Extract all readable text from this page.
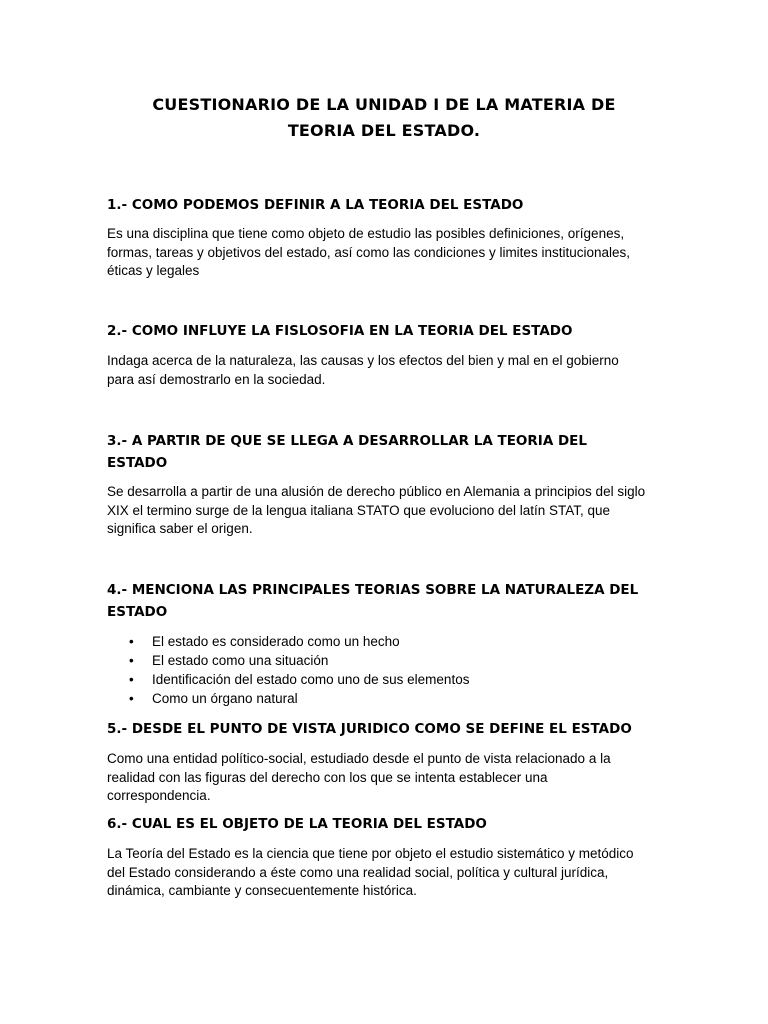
CUESTIONARIO DE LA UNIDAD I DE LA MATERIA DE
TEORIA DEL ESTADO.
1.- COMO PODEMOS DEFINIR A LA TEORIA DEL ESTADO

Es una disciplina que tiene como objeto de estudio las posibles definiciones, orígenes,
formas, tareas y objetivos del estado, así como las condiciones y limites institucionales,
éticas y legales

2.- COMO INFLUYE LA FISLOSOFIA EN LA TEORIA DEL ESTADO

Indaga acerca de la naturaleza, las causas y los efectos del bien y mal en el gobierno
para así demostrarlo en la sociedad.

3.- A PARTIR DE QUE SE LLEGA A DESARROLLAR LA TEORIA DEL
ESTADO

Se desarrolla a partir de una alusión de derecho público en Alemania a principios del siglo
XIX el termino surge de la lengua italiana STATO que evoluciono del latín STAT, que
significa saber el origen.

4.- MENCIONA LAS PRINCIPALES TEORIAS SOBRE LA NATURALEZA DEL
ESTADO
• El estado es considerado como un hecho
• El estado como una situación
• Identificación del estado como uno de sus elementos
• Como un órgano natural
5.- DESDE EL PUNTO DE VISTA JURIDICO COMO SE DEFINE EL ESTADO

Como una entidad político-social, estudiado desde el punto de vista relacionado a la
realidad con las figuras del derecho con los que se intenta establecer una
correspondencia.

6.- CUAL ES EL OBJETO DE LA TEORIA DEL ESTADO

La Teoría del Estado es la ciencia que tiene por objeto el estudio sistemático y metódico
del Estado considerando a éste como una realidad social, política y cultural jurídica,
dinámica, cambiante y consecuentemente histórica.
